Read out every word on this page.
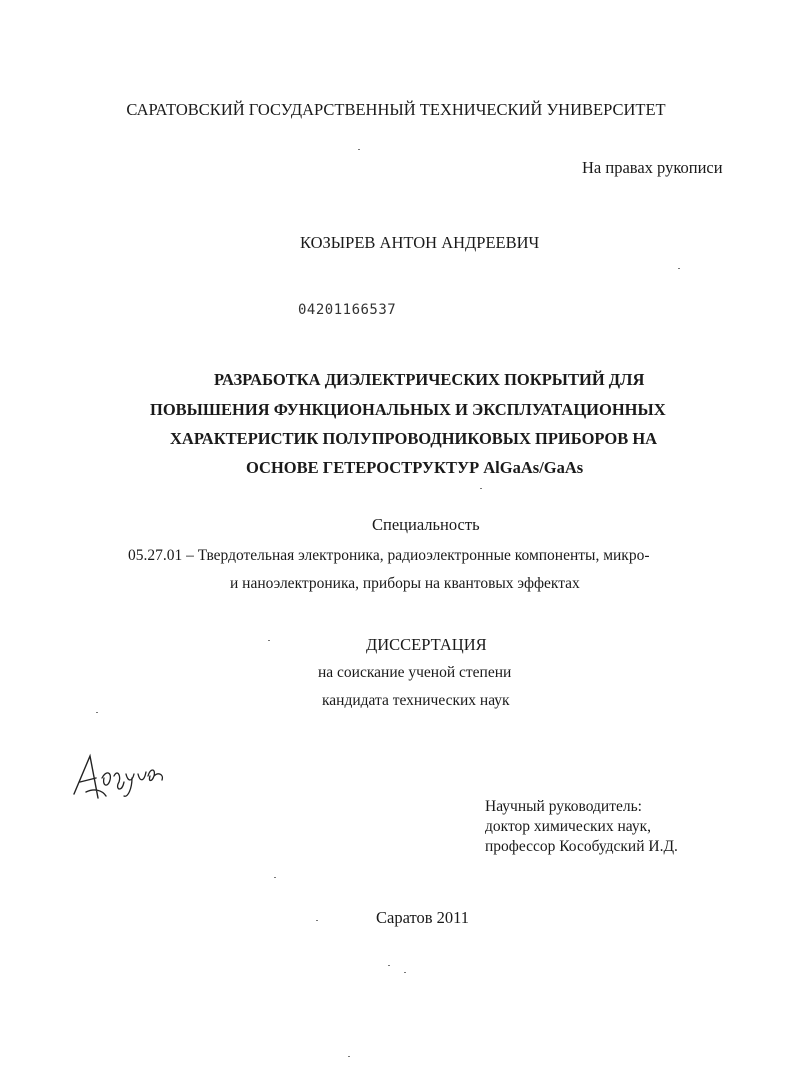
САРАТОВСКИЙ ГОСУДАРСТВЕННЫЙ ТЕХНИЧЕСКИЙ УНИВЕРСИТЕТ
На правах рукописи
КОЗЫРЕВ АНТОН АНДРЕЕВИЧ
04201166537
РАЗРАБОТКА ДИЭЛЕКТРИЧЕСКИХ ПОКРЫТИЙ ДЛЯ
ПОВЫШЕНИЯ ФУНКЦИОНАЛЬНЫХ И ЭКСПЛУАТАЦИОННЫХ
ХАРАКТЕРИСТИК ПОЛУПРОВОДНИКОВЫХ ПРИБОРОВ НА
ОСНОВЕ ГЕТЕРОСТРУКТУР AlGaAs/GaAs
Специальность
05.27.01 – Твердотельная электроника, радиоэлектронные компоненты, микро-
и наноэлектроника, приборы на квантовых эффектах
ДИССЕРТАЦИЯ
на соискание ученой степени
кандидата технических наук
Научный руководитель:
доктор химических наук,
профессор Кособудский И.Д.
Саратов 2011
